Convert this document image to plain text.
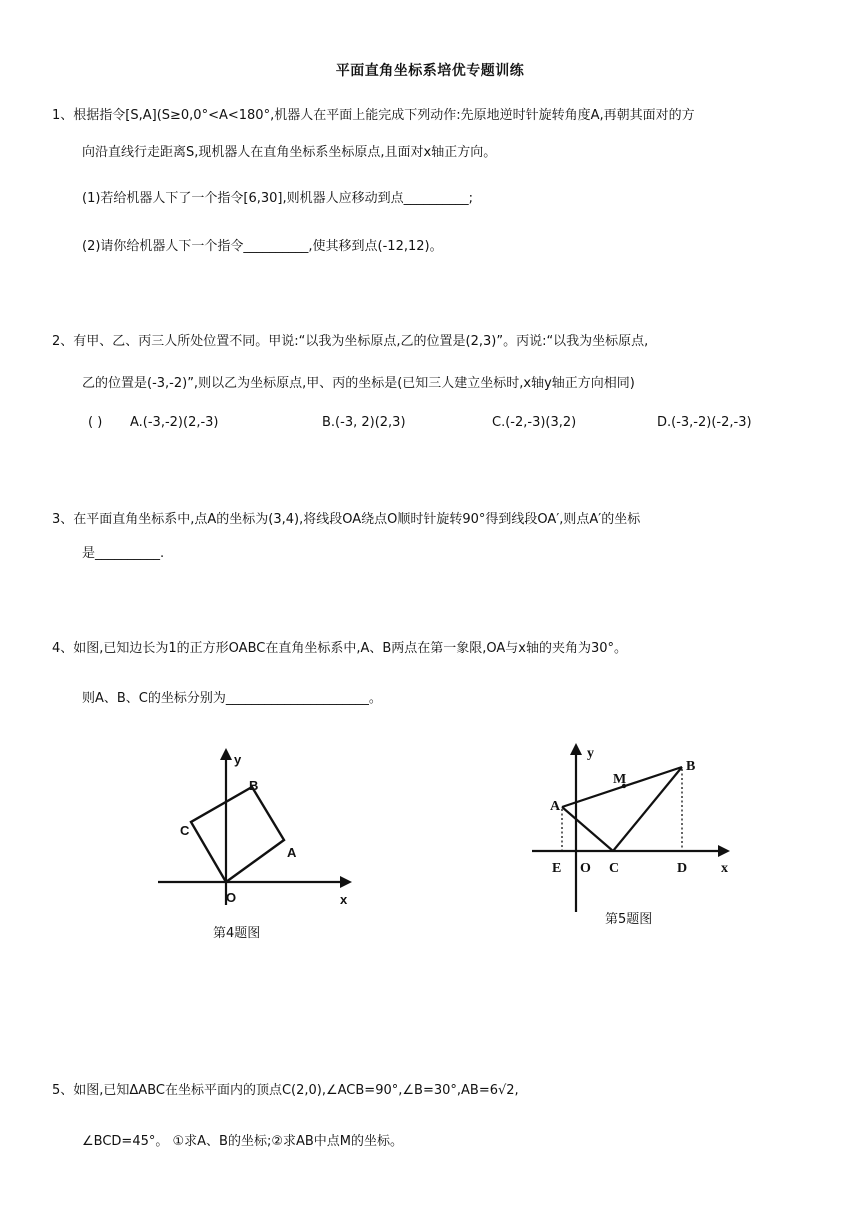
平面直角坐标系培优专题训练
1、根据指令[S,A](S≥0,0°<A<180°,机器人在平面上能完成下列动作:先原地逆时针旋转角度A,再朝其面对的方
向沿直线行走距离S,现机器人在直角坐标系坐标原点,且面对x轴正方向。
(1)若给机器人下了一个指令[6,30],则机器人应移动到点__________;
(2)请你给机器人下一个指令__________,使其移到点(-12,12)。
2、有甲、乙、丙三人所处位置不同。甲说:“以我为坐标原点,乙的位置是(2,3)”。丙说:“以我为坐标原点,
乙的位置是(-3,-2)”,则以乙为坐标原点,甲、丙的坐标是(已知三人建立坐标时,x轴y轴正方向相同)
( ) A.(-3,-2)(2,-3)	B.(-3, 2)(2,3)	C.(-2,-3)(3,2)	D.(-3,-2)(-2,-3)
3、在平面直角坐标系中,点A的坐标为(3,4),将线段OA绕点O顺时针旋转90°得到线段OA′,则点A′的坐标
是__________.
4、如图,已知边长为1的正方形OABC在直角坐标系中,A、B两点在第一象限,OA与x轴的夹角为30°。
则A、B、C的坐标分别为______________________。
y
x
O
A
B
C
第4题图
y
x
A
B
M
E O C	D
第5题图
5、如图,已知ΔABC在坐标平面内的顶点C(2,0),∠ACB=90°,∠B=30°,AB=6√2,
∠BCD=45°。 ①求A、B的坐标;②求AB中点M的坐标。
